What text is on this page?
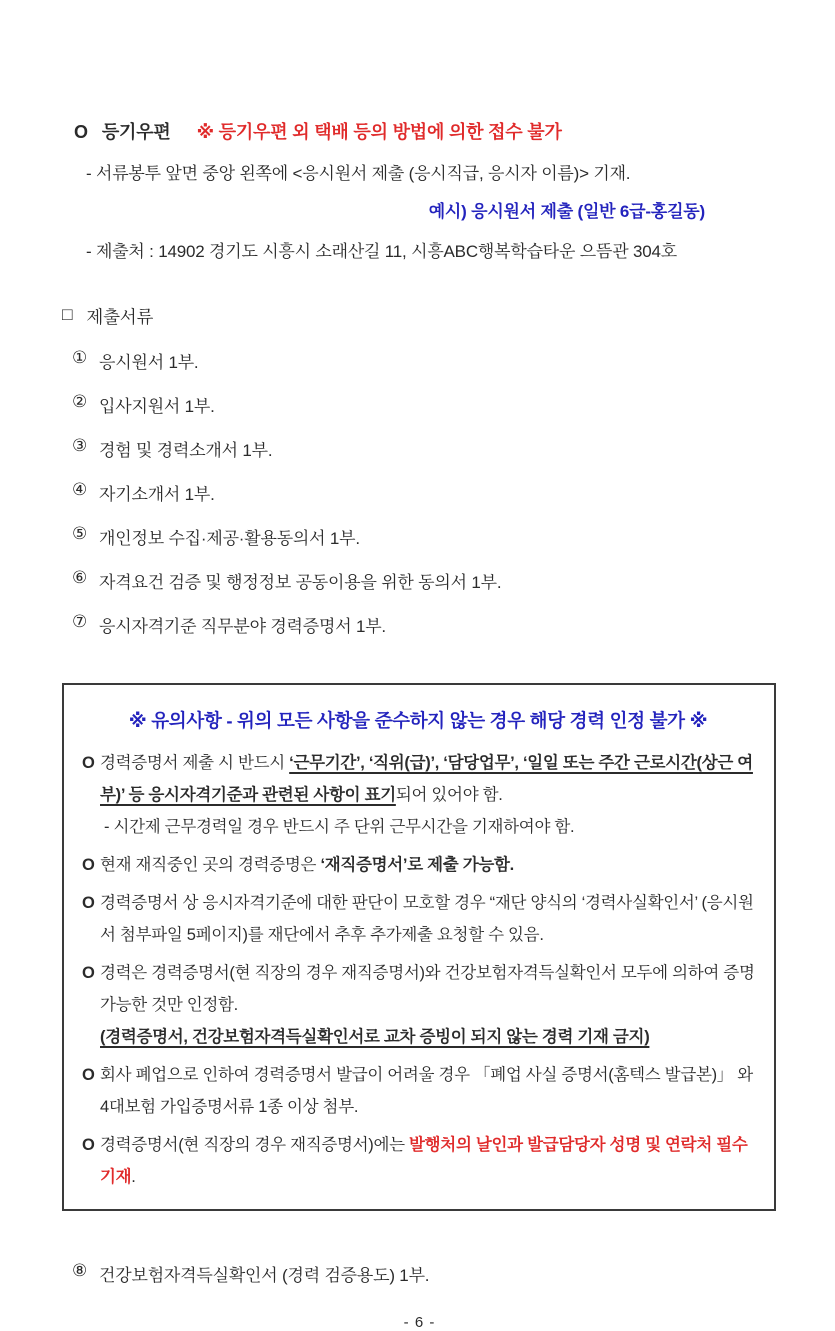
O 등기우편 ※ 등기우편 외 택배 등의 방법에 의한 접수 불가
- 서류봉투 앞면 중앙 왼쪽에 <응시원서 제출 (응시직급, 응시자 이름)> 기재.
예시) 응시원서 제출 (일반 6급-홍길동)
- 제출처 : 14902 경기도 시흥시 소래산길 11, 시흥ABC행복학습타운 으뜸관 304호
□ 제출서류
① 응시원서 1부.
② 입사지원서 1부.
③ 경험 및 경력소개서 1부.
④ 자기소개서 1부.
⑤ 개인정보 수집·제공·활용동의서 1부.
⑥ 자격요건 검증 및 행정정보 공동이용을 위한 동의서 1부.
⑦ 응시자격기준 직무분야 경력증명서 1부.
※ 유의사항 - 위의 모든 사항을 준수하지 않는 경우 해당 경력 인정 불가 ※
O 경력증명서 제출 시 반드시 ‘근무기간’, ‘직위(급)’, ‘담당업무’, ‘일일 또는 주간 근로시간(상근 여부)’ 등 응시자격기준과 관련된 사항이 표기되어 있어야 함.
- 시간제 근무경력일 경우 반드시 주 단위 근무시간을 기재하여야 함.
O 현재 재직중인 곳의 경력증명은 ‘재직증명서’로 제출 가능함.
O 경력증명서 상 응시자격기준에 대한 판단이 모호할 경우 “재단 양식의 ‘경력사실확인서’ (응시원서 첨부파일 5페이지)를 재단에서 추후 추가제출 요청할 수 있음.
O 경력은 경력증명서(현 직장의 경우 재직증명서)와 건강보험자격득실확인서 모두에 의하여 증명 가능한 것만 인정함.
(경력증명서, 건강보험자격득실확인서로 교차 증빙이 되지 않는 경력 기재 금지)
O 회사 폐업으로 인하여 경력증명서 발급이 어려울 경우 「폐업 사실 증명서(홈텍스 발급본)」 와 4대보험 가입증명서류 1종 이상 첨부.
O 경력증명서(현 직장의 경우 재직증명서)에는 발행처의 날인과 발급담당자 성명 및 연락처 필수 기재.
⑧ 건강보험자격득실확인서 (경력 검증용도) 1부.
- 6 -
